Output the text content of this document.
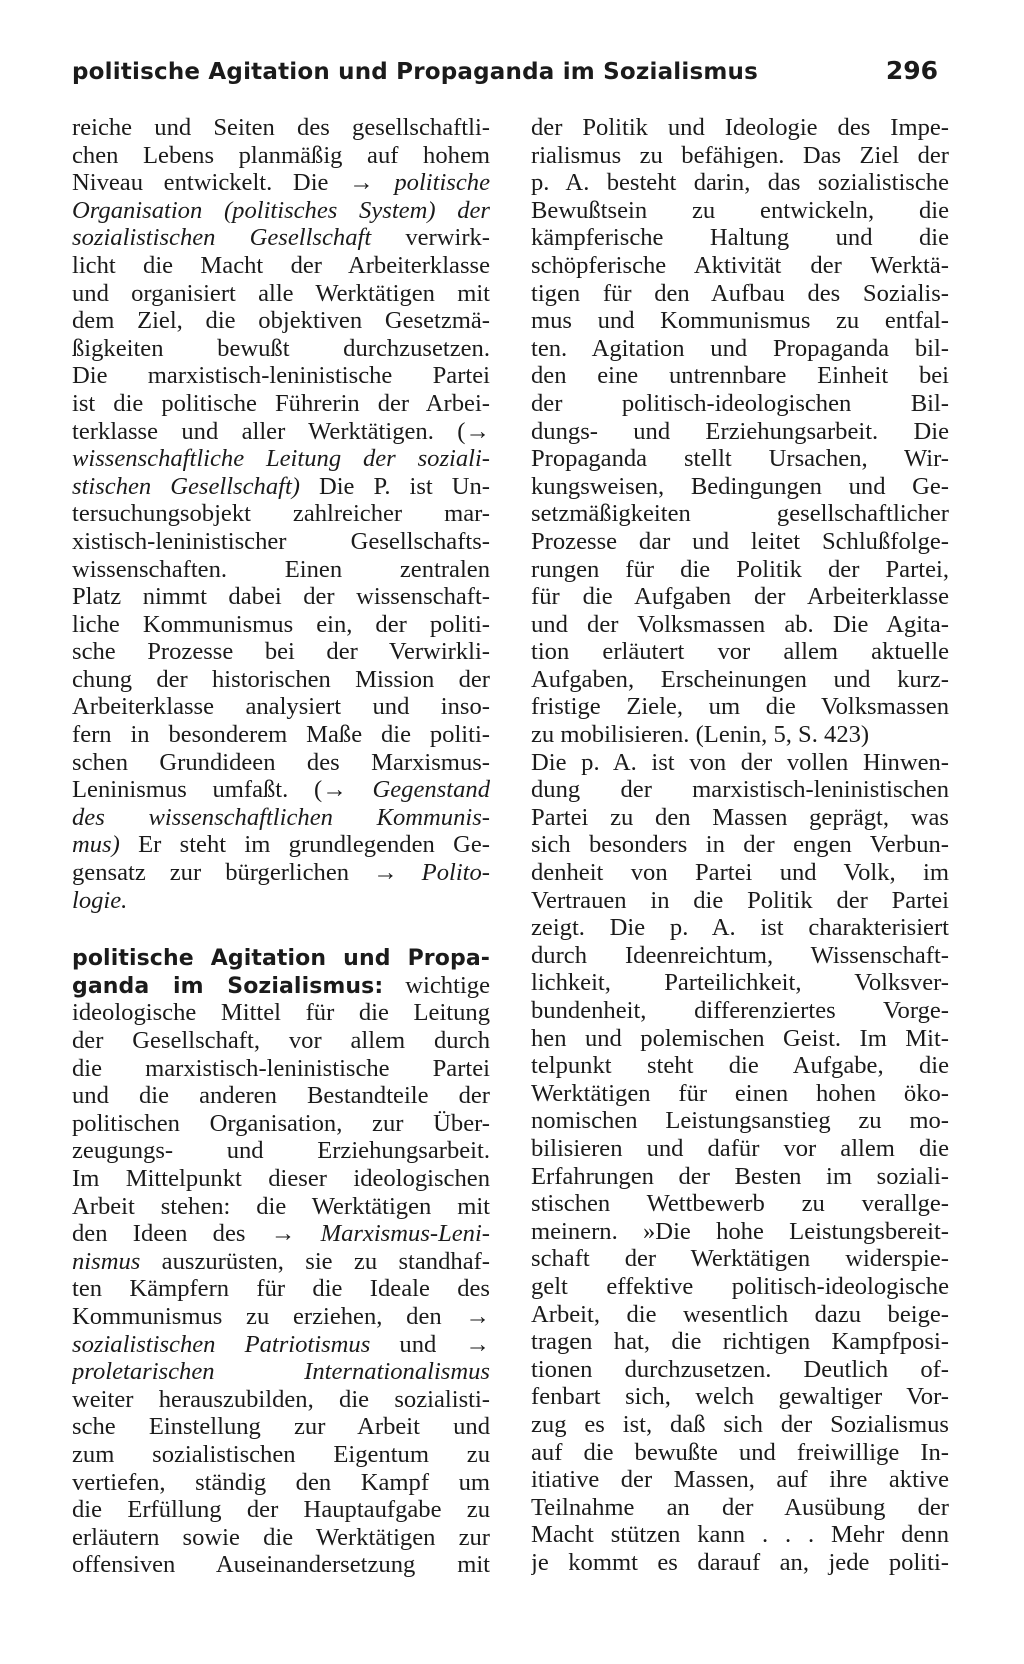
politische Agitation und Propaganda im Sozialismus	296
reiche und Seiten des gesellschaftli-
chen Lebens planmäßig auf hohem
Niveau entwickelt. Die → politische
Organisation (politisches System) der
sozialistischen Gesellschaft verwirk-
licht die Macht der Arbeiterklasse
und organisiert alle Werktätigen mit
dem Ziel, die objektiven Gesetzmä-
ßigkeiten bewußt durchzusetzen.
Die marxistisch-leninistische Partei
ist die politische Führerin der Arbei-
terklasse und aller Werktätigen. (→
wissenschaftliche Leitung der soziali-
stischen Gesellschaft) Die P. ist Un-
tersuchungsobjekt zahlreicher mar-
xistisch-leninistischer Gesellschafts-
wissenschaften. Einen zentralen
Platz nimmt dabei der wissenschaft-
liche Kommunismus ein, der politi-
sche Prozesse bei der Verwirkli-
chung der historischen Mission der
Arbeiterklasse analysiert und inso-
fern in besonderem Maße die politi-
schen Grundideen des Marxismus-
Leninismus umfaßt. (→ Gegenstand
des wissenschaftlichen Kommunis-
mus) Er steht im grundlegenden Ge-
gensatz zur bürgerlichen → Polito-
logie.
politische Agitation und Propa-
ganda im Sozialismus: wichtige
ideologische Mittel für die Leitung
der Gesellschaft, vor allem durch
die marxistisch-leninistische Partei
und die anderen Bestandteile der
politischen Organisation, zur Über-
zeugungs- und Erziehungsarbeit.
Im Mittelpunkt dieser ideologischen
Arbeit stehen: die Werktätigen mit
den Ideen des → Marxismus-Leni-
nismus auszurüsten, sie zu standhaf-
ten Kämpfern für die Ideale des
Kommunismus zu erziehen, den →
sozialistischen Patriotismus und →
proletarischen Internationalismus
weiter herauszubilden, die sozialisti-
sche Einstellung zur Arbeit und
zum sozialistischen Eigentum zu
vertiefen, ständig den Kampf um
die Erfüllung der Hauptaufgabe zu
erläutern sowie die Werktätigen zur
offensiven Auseinandersetzung mit
der Politik und Ideologie des Impe-
rialismus zu befähigen. Das Ziel der
p. A. besteht darin, das sozialistische
Bewußtsein zu entwickeln, die
kämpferische Haltung und die
schöpferische Aktivität der Werktä-
tigen für den Aufbau des Sozialis-
mus und Kommunismus zu entfal-
ten. Agitation und Propaganda bil-
den eine untrennbare Einheit bei
der politisch-ideologischen Bil-
dungs- und Erziehungsarbeit. Die
Propaganda stellt Ursachen, Wir-
kungsweisen, Bedingungen und Ge-
setzmäßigkeiten gesellschaftlicher
Prozesse dar und leitet Schlußfolge-
rungen für die Politik der Partei,
für die Aufgaben der Arbeiterklasse
und der Volksmassen ab. Die Agita-
tion erläutert vor allem aktuelle
Aufgaben, Erscheinungen und kurz-
fristige Ziele, um die Volksmassen
zu mobilisieren. (Lenin, 5, S. 423)
Die p. A. ist von der vollen Hinwen-
dung der marxistisch-leninistischen
Partei zu den Massen geprägt, was
sich besonders in der engen Verbun-
denheit von Partei und Volk, im
Vertrauen in die Politik der Partei
zeigt. Die p. A. ist charakterisiert
durch Ideenreichtum, Wissenschaft-
lichkeit, Parteilichkeit, Volksver-
bundenheit, differenziertes Vorge-
hen und polemischen Geist. Im Mit-
telpunkt steht die Aufgabe, die
Werktätigen für einen hohen öko-
nomischen Leistungsanstieg zu mo-
bilisieren und dafür vor allem die
Erfahrungen der Besten im soziali-
stischen Wettbewerb zu verallge-
meinern. »Die hohe Leistungsbereit-
schaft der Werktätigen widerspie-
gelt effektive politisch-ideologische
Arbeit, die wesentlich dazu beige-
tragen hat, die richtigen Kampfposi-
tionen durchzusetzen. Deutlich of-
fenbart sich, welch gewaltiger Vor-
zug es ist, daß sich der Sozialismus
auf die bewußte und freiwillige In-
itiative der Massen, auf ihre aktive
Teilnahme an der Ausübung der
Macht stützen kann . . . Mehr denn
je kommt es darauf an, jede politi-
